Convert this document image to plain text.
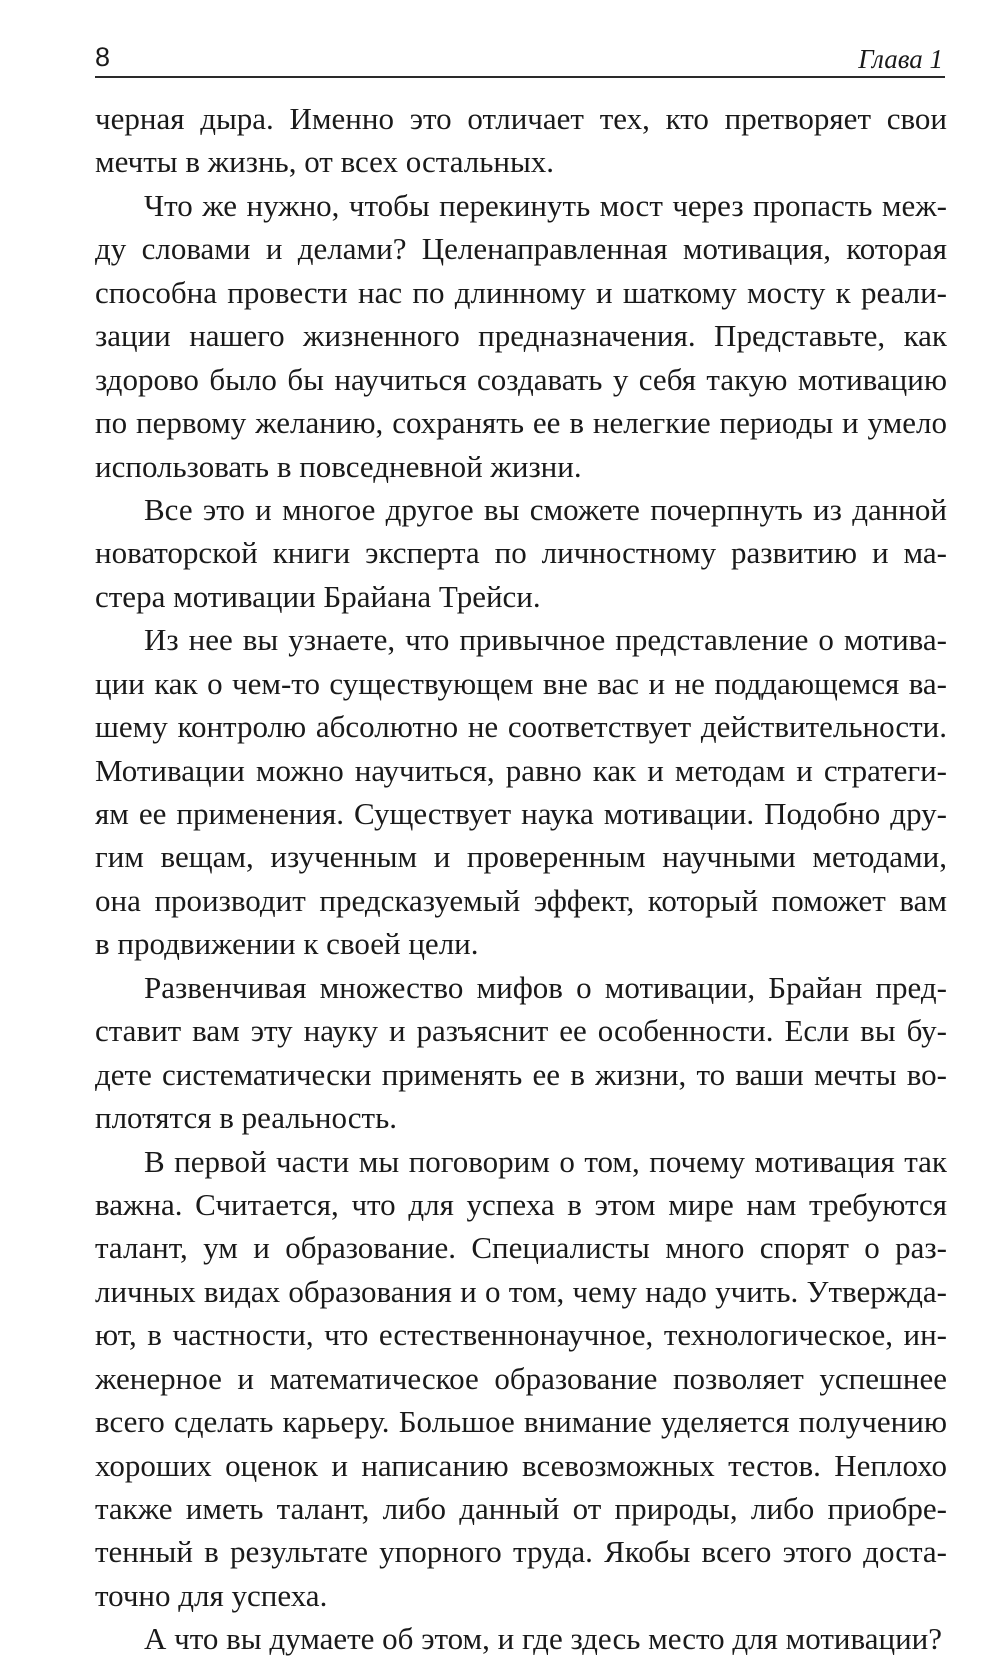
8	Глава 1
черная дыра. Именно это отличает тех, кто претворяет свои
мечты в жизнь, от всех остальных.
Что же нужно, чтобы перекинуть мост через пропасть меж-
ду словами и делами? Целенаправленная мотивация, которая
способна провести нас по длинному и шаткому мосту к реали-
зации нашего жизненного предназначения. Представьте, как
здорово было бы научиться создавать у себя такую мотивацию
по первому желанию, сохранять ее в нелегкие периоды и умело
использовать в повседневной жизни.
Все это и многое другое вы сможете почерпнуть из данной
новаторской книги эксперта по личностному развитию и ма-
стера мотивации Брайана Трейси.
Из нее вы узнаете, что привычное представление о мотива-
ции как о чем-то существующем вне вас и не поддающемся ва-
шему контролю абсолютно не соответствует действительности.
Мотивации можно научиться, равно как и методам и стратеги-
ям ее применения. Существует наука мотивации. Подобно дру-
гим вещам, изученным и проверенным научными методами,
она производит предсказуемый эффект, который поможет вам
в продвижении к своей цели.
Развенчивая множество мифов о мотивации, Брайан пред-
ставит вам эту науку и разъяснит ее особенности. Если вы бу-
дете систематически применять ее в жизни, то ваши мечты во-
плотятся в реальность.
В первой части мы поговорим о том, почему мотивация так
важна. Считается, что для успеха в этом мире нам требуются
талант, ум и образование. Специалисты много спорят о раз-
личных видах образования и о том, чему надо учить. Утвержда-
ют, в частности, что естественнонаучное, технологическое, ин-
женерное и математическое образование позволяет успешнее
всего сделать карьеру. Большое внимание уделяется получению
хороших оценок и написанию всевозможных тестов. Неплохо
также иметь талант, либо данный от природы, либо приобре-
тенный в результате упорного труда. Якобы всего этого доста-
точно для успеха.
А что вы думаете об этом, и где здесь место для мотивации?
